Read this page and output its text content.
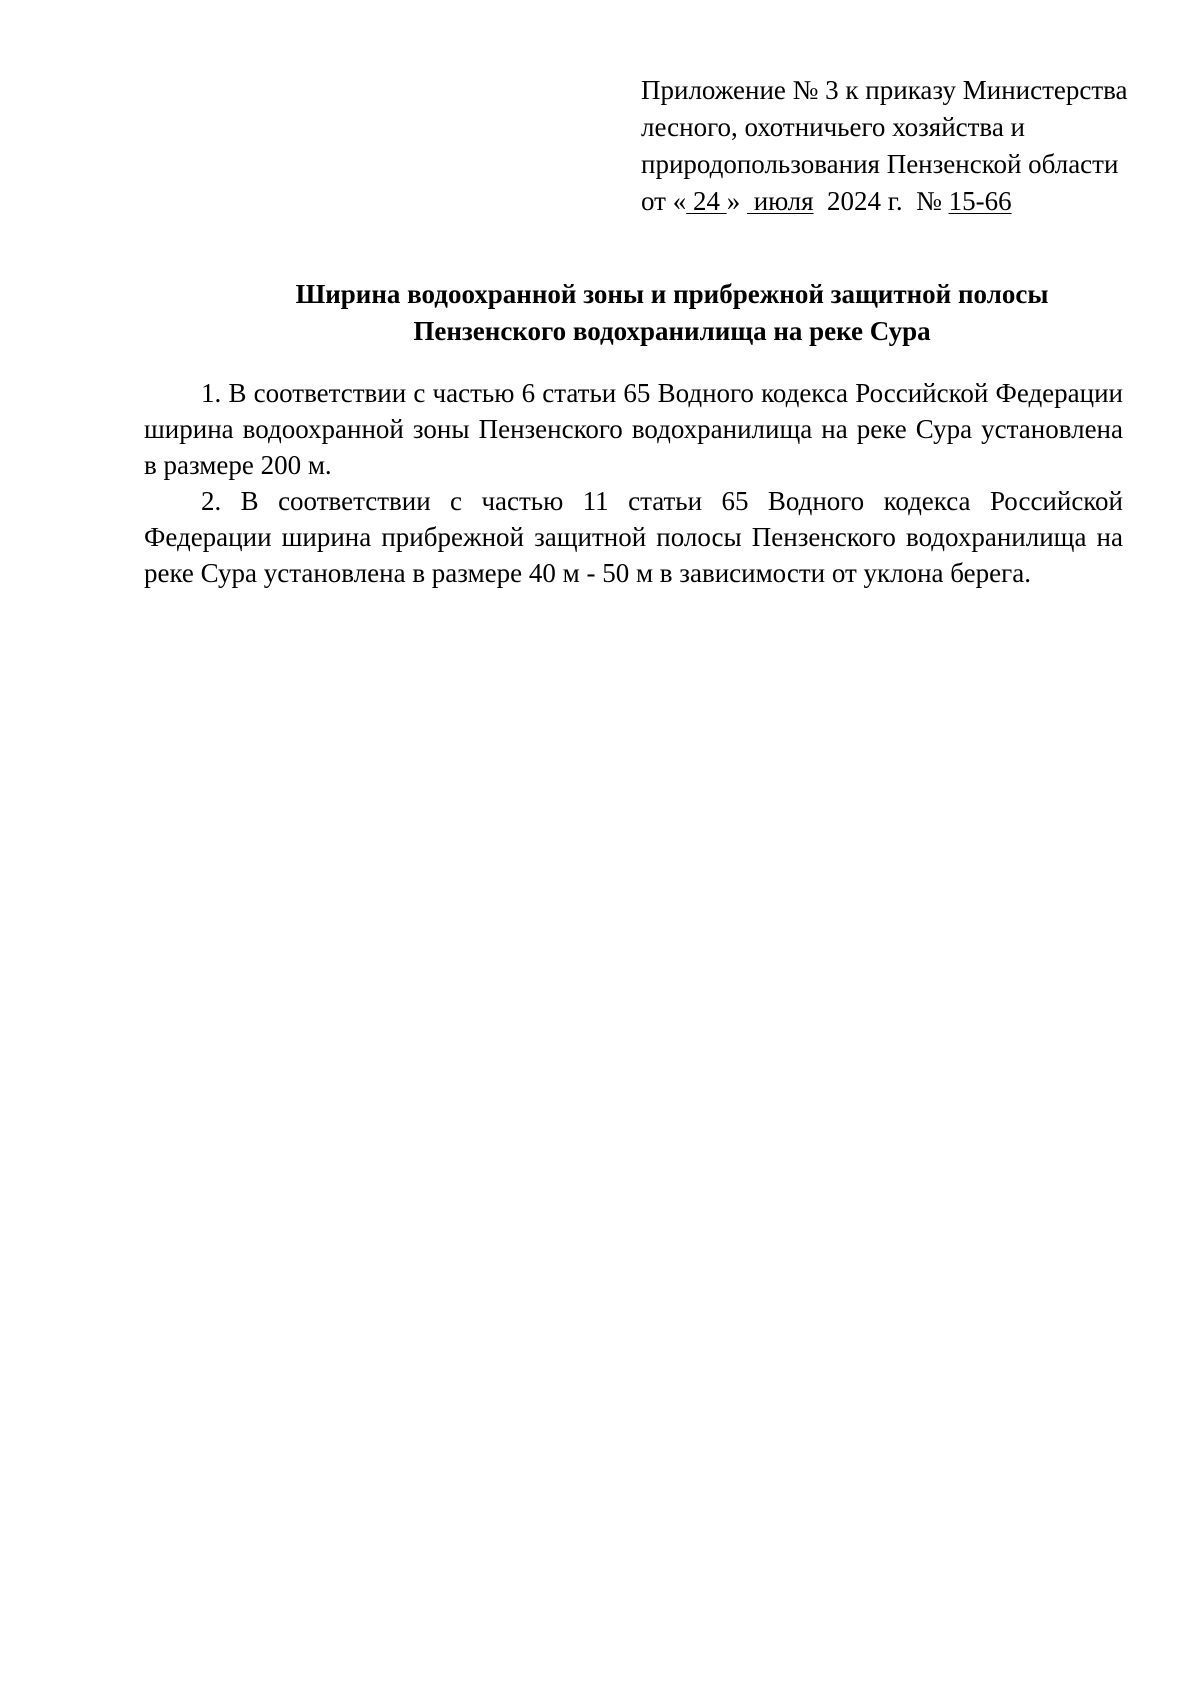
Приложение № 3 к приказу Министерства
лесного, охотничьего хозяйства и
природопользования Пензенской области
от « 24 »  июля  2024 г.  № 15-66
Ширина водоохранной зоны и прибрежной защитной полосы
Пензенского водохранилища на реке Сура

1. В соответствии с частью 6 статьи 65 Водного кодекса Российской Федерации ширина водоохранной зоны Пензенского водохранилища на реке Сура установлена в размере 200 м.

2. В соответствии с частью 11 статьи 65 Водного кодекса Российской Федерации ширина прибрежной защитной полосы Пензенского водохранилища на реке Сура установлена в размере 40 м - 50 м в зависимости от уклона берега.
